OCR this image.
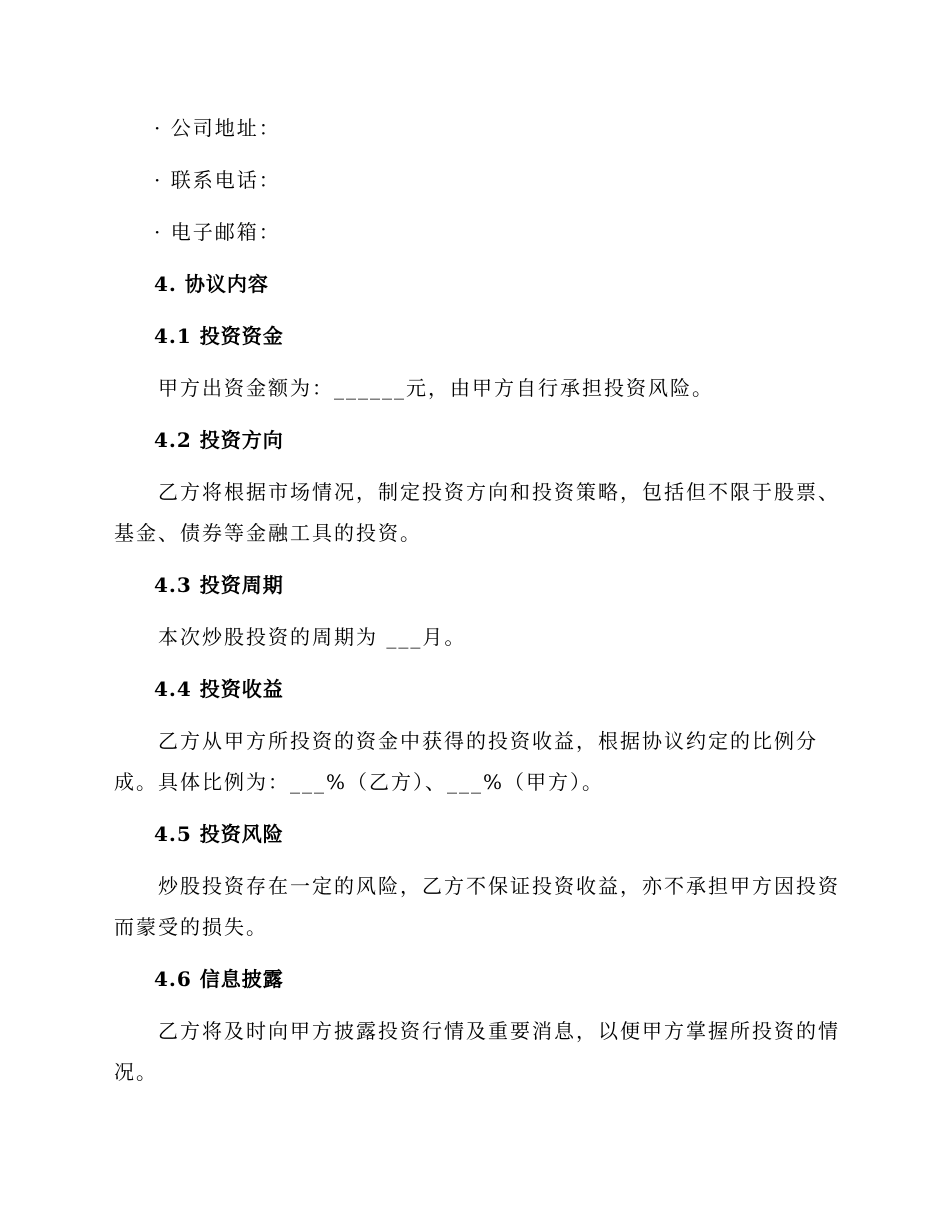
· 公司地址：
· 联系电话：
· 电子邮箱：
4. 协议内容
4.1 投资资金
甲方出资金额为：______元，由甲方自行承担投资风险。
4.2 投资方向
乙方将根据市场情况，制定投资方向和投资策略，包括但不限于股票、
基金、债券等金融工具的投资。
4.3 投资周期
本次炒股投资的周期为 ___月。
4.4 投资收益
乙方从甲方所投资的资金中获得的投资收益，根据协议约定的比例分
成。具体比例为：___%（乙方）、___%（甲方）。
4.5 投资风险
炒股投资存在一定的风险，乙方不保证投资收益，亦不承担甲方因投资
而蒙受的损失。
4.6 信息披露
乙方将及时向甲方披露投资行情及重要消息，以便甲方掌握所投资的情
况。
